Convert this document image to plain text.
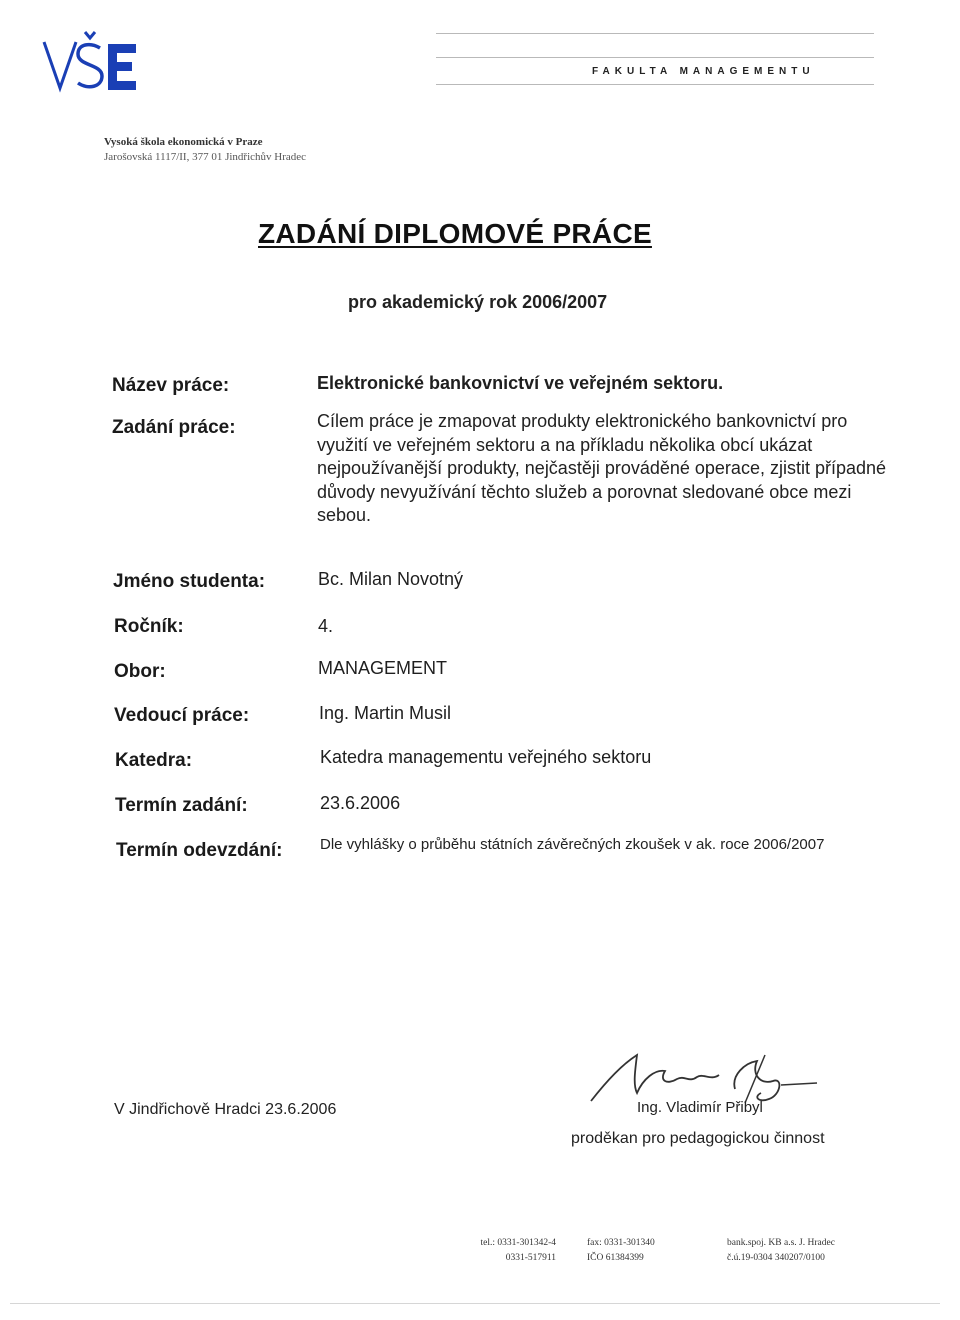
FAKULTA MANAGEMENTU
Vysoká škola ekonomická v Praze
Jarošovská 1117/II, 377 01 Jindřichův Hradec
ZADÁNÍ DIPLOMOVÉ PRÁCE
pro akademický rok 2006/2007
Název práce:	Elektronické bankovnictví ve veřejném sektoru.
Zadání práce:	Cílem práce je zmapovat produkty elektronického bankovnictví pro využití ve veřejném sektoru a na příkladu několika obcí ukázat nejpoužívanější produkty, nejčastěji prováděné operace, zjistit případné důvody nevyužívání těchto služeb a porovnat sledované obce mezi sebou.
Jméno studenta:	Bc. Milan Novotný
Ročník:	4.
Obor:	MANAGEMENT
Vedoucí práce:	Ing. Martin Musil
Katedra:	Katedra managementu veřejného sektoru
Termín zadání:	23.6.2006
Termín odevzdání:	Dle vyhlášky o průběhu státních závěrečných zkoušek v ak. roce 2006/2007
V Jindřichově Hradci 23.6.2006	Ing. Vladimír Přibyl
proděkan pro pedagogickou činnost
tel.: 0331-301342-4
0331-517911
fax: 0331-301340
IČO 61384399
bank.spoj. KB a.s. J. Hradec
č.ú.19-0304 340207/0100
